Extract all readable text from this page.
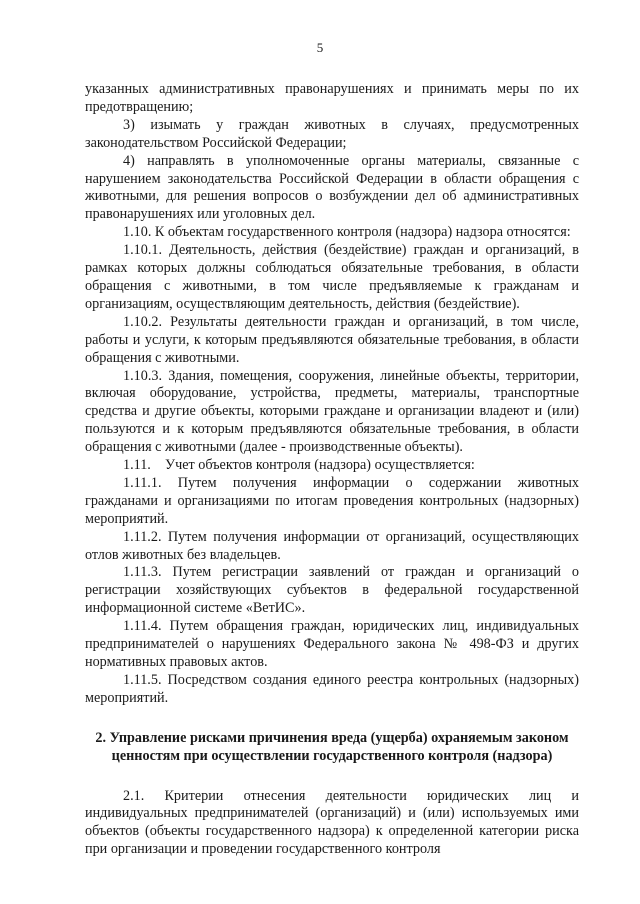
5

указанных административных правонарушениях и принимать меры по их предотвращению;

3) изымать у граждан животных в случаях, предусмотренных законодательством Российской Федерации;

4) направлять в уполномоченные органы материалы, связанные с нарушением законодательства Российской Федерации в области обращения с животными, для решения вопросов о возбуждении дел об административных правонарушениях или уголовных дел.

1.10. К объектам государственного контроля (надзора) надзора относятся:

1.10.1. Деятельность, действия (бездействие) граждан и организаций, в рамках которых должны соблюдаться обязательные требования, в области обращения с животными, в том числе предъявляемые к гражданам и организациям, осуществляющим деятельность, действия (бездействие).

1.10.2. Результаты деятельности граждан и организаций, в том числе, работы и услуги, к которым предъявляются обязательные требования, в области обращения с животными.

1.10.3. Здания, помещения, сооружения, линейные объекты, территории, включая оборудование, устройства, предметы, материалы, транспортные средства и другие объекты, которыми граждане и организации владеют и (или) пользуются и к которым предъявляются обязательные требования, в области обращения с животными (далее - производственные объекты).

1.11.    Учет объектов контроля (надзора) осуществляется:

1.11.1. Путем получения информации о содержании животных гражданами и организациями по итогам проведения контрольных (надзорных) мероприятий.

1.11.2. Путем получения информации от организаций, осуществляющих отлов животных без владельцев.

1.11.3. Путем регистрации заявлений от граждан и организаций о регистрации хозяйствующих субъектов в федеральной государственной информационной системе «ВетИС».

1.11.4. Путем обращения граждан, юридических лиц, индивидуальных предпринимателей о нарушениях Федерального закона № 498-ФЗ и других нормативных правовых актов.

1.11.5. Посредством создания единого реестра контрольных (надзорных) мероприятий.

2. Управление рисками причинения вреда (ущерба) охраняемым законом ценностям при осуществлении государственного контроля (надзора)

2.1.  Критерии  отнесения  деятельности  юридических  лиц  и индивидуальных предпринимателей (организаций) и (или) используемых ими объектов (объекты государственного надзора) к определенной категории риска при организации и проведении государственного контроля
